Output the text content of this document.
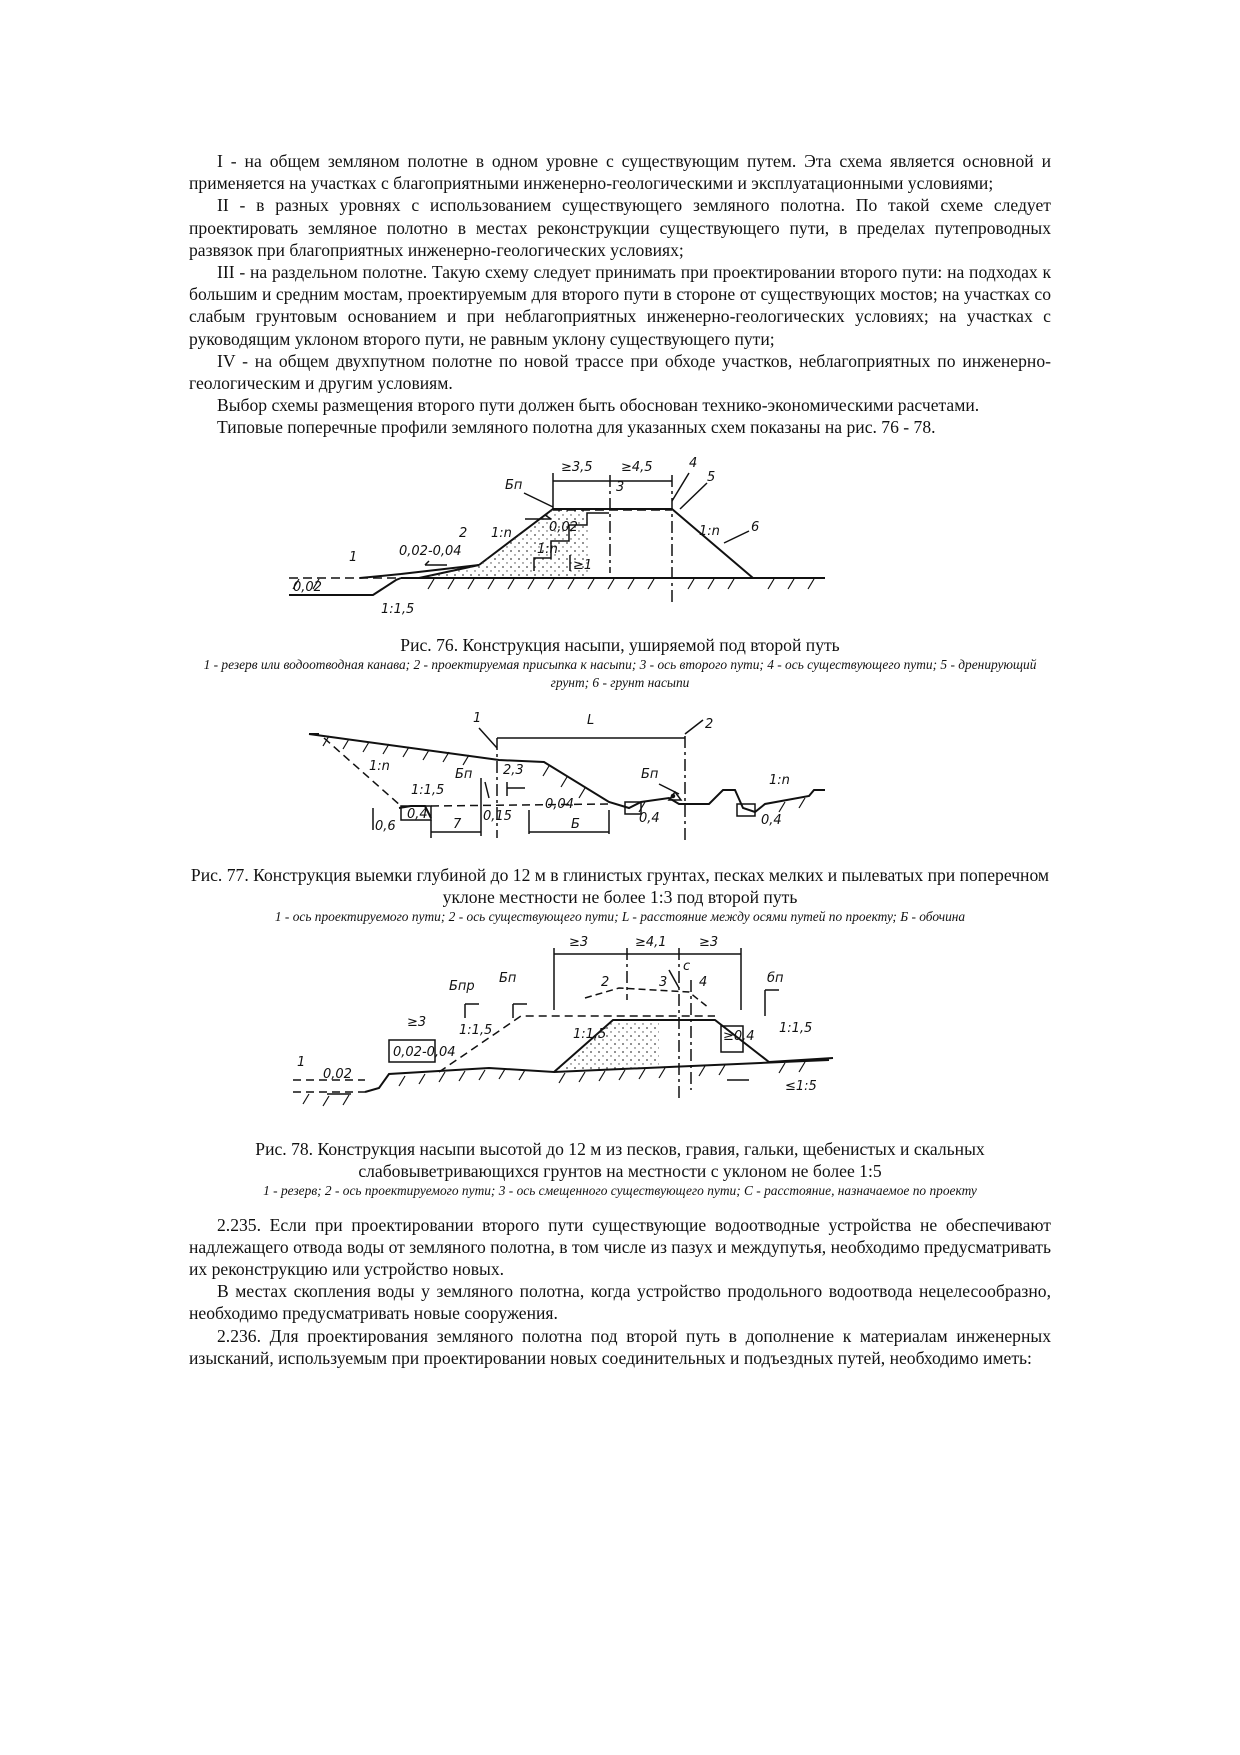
I - на общем земляном полотне в одном уровне с существующим путем. Эта схема является основной и применяется на участках с благоприятными инженерно-геологическими и эксплуатационными условиями;

II - в разных уровнях с использованием существующего земляного полотна. По такой схеме следует проектировать земляное полотно в местах реконструкции существующего пути, в пределах путепроводных развязок при благоприятных инженерно-геологических условиях;

III - на раздельном полотне. Такую схему следует принимать при проектировании второго пути: на подходах к большим и средним мостам, проектируемым для второго пути в стороне от существующих мостов; на участках со слабым грунтовым основанием и при неблагоприятных инженерно-геологических условиях; на участках с руководящим уклоном второго пути, не равным уклону существующего пути;

IV - на общем двухпутном полотне по новой трассе при обходе участков, неблагоприятных по инженерно-геологическим и другим условиям.

Выбор схемы размещения второго пути должен быть обоснован технико-экономическими расчетами.

Типовые поперечные профили земляного полотна для указанных схем показаны на рис. 76 - 78.

≥3,5 ≥4,5	4
5
3
Бп
2 1:n	0,02
1:n
1:n 6
0,02-0,04
1
≥1
0,02
1:1,5

Рис. 76. Конструкция насыпи, уширяемой под второй путь

1 - резерв или водоотводная канава; 2 - проектируемая присыпка к насыпи; 3 - ось второго пути; 4 - ось существующего пути; 5 - дренирующий грунт; 6 - грунт насыпи

1	L	2
1:n
1:1,5
Бп 2,3	Бп	1:n
0,6
0,4
7
0,15
0,04
Б	0,4	0,4

Рис. 77. Конструкция выемки глубиной до 12 м в глинистых грунтах, песках мелких и пылеватых при поперечном уклоне местности не более 1:3 под второй путь

1 - ось проектируемого пути; 2 - ось существующего пути; L - расстояние между осями путей по проекту; Б - обочина

≥3	≥4,1 ≥3
Бпр
Бп	2	3
с
4	бп
≥3
1:1,5	1:1,5	≥0,4
1:1,5
1
0,02
0,02-0,04
≤1:5

Рис. 78. Конструкция насыпи высотой до 12 м из песков, гравия, гальки, щебенистых и скальных слабовыветривающихся грунтов на местности с уклоном не более 1:5

1 - резерв; 2 - ось проектируемого пути; 3 - ось смещенного существующего пути; С - расстояние, назначаемое по проекту

2.235. Если при проектировании второго пути существующие водоотводные устройства не обеспечивают надлежащего отвода воды от земляного полотна, в том числе из пазух и междупутья, необходимо предусматривать их реконструкцию или устройство новых.

В местах скопления воды у земляного полотна, когда устройство продольного водоотвода нецелесообразно, необходимо предусматривать новые сооружения.

2.236. Для проектирования земляного полотна под второй путь в дополнение к материалам инженерных изысканий, используемым при проектировании новых соединительных и подъездных путей, необходимо иметь:
